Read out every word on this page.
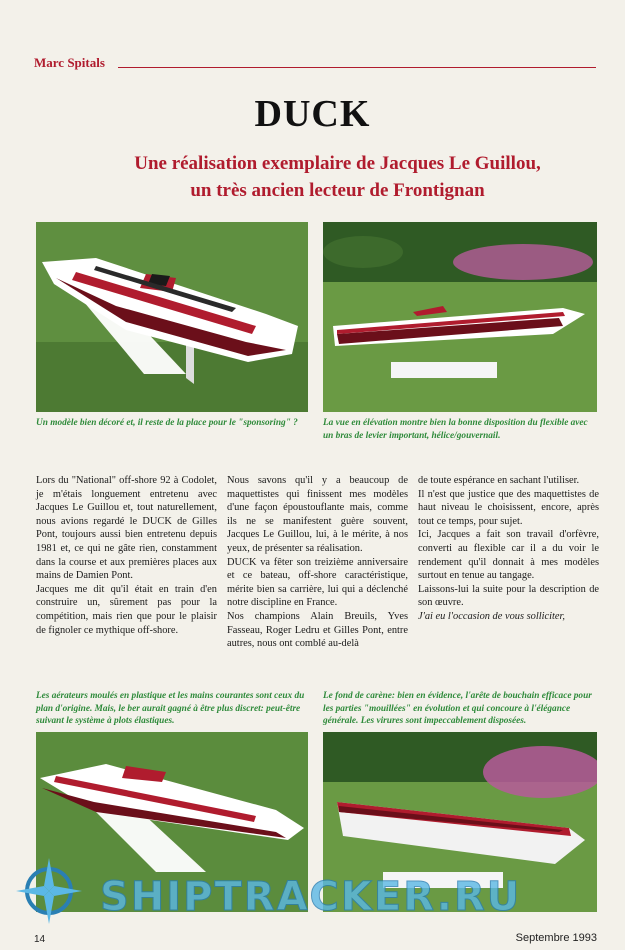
Marc Spitals
DUCK
Une réalisation exemplaire de Jacques Le Guillou,
un très ancien lecteur de Frontignan
Un modèle bien décoré et, il reste de la place pour le "sponsoring" ?	La vue en élévation montre bien la bonne disposition du flexible avec un bras de levier important, hélice/gouvernail.

Lors du "National" off-shore 92 à Codolet, je m'étais longuement entretenu avec Jacques Le Guillou et, tout naturellement, nous avions regardé le DUCK de Gilles Pont, toujours aussi bien entretenu depuis 1981 et, ce qui ne gâte rien, constamment dans la course et aux premières places aux mains de Damien Pont.

Jacques me dit qu'il était en train d'en construire un, sûrement pas pour la compétition, mais rien que pour le plaisir de fignoler ce mythique off-shore.

Nous savons qu'il y a beaucoup de maquettistes qui finissent mes modèles d'une façon époustouflante mais, comme ils ne se manifestent guère souvent, Jacques Le Guillou, lui, à le mérite, à nos yeux, de présenter sa réalisation.

DUCK va fêter son treizième anniversaire et ce bateau, off-shore caractéristique, mérite bien sa carrière, lui qui a déclenché notre discipline en France.

Nos champions Alain Breuils, Yves Fasseau, Roger Ledru et Gilles Pont, entre autres, nous ont comblé au-delà

de toute espérance en sachant l'utiliser.

Il n'est que justice que des maquettistes de haut niveau le choisissent, encore, après tout ce temps, pour sujet.

Ici, Jacques a fait son travail d'orfèvre, converti au flexible car il a du voir le rendement qu'il donnait à mes modèles surtout en tenue au tangage.

Laissons-lui la suite pour la description de son œuvre.

J'ai eu l'occasion de vous solliciter,

Les aérateurs moulés en plastique et les mains courantes sont ceux du plan d'origine. Mais, le ber aurait gagné à être plus discret: peut-être suivant le système à plots élastiques.
Le fond de carène: bien en évidence, l'arête de bouchain efficace pour les parties "mouillées" en évolution et qui concoure à l'élégance générale. Les virures sont impeccablement disposées.
SHIPTRACKER.RU
14	Septembre 1993
